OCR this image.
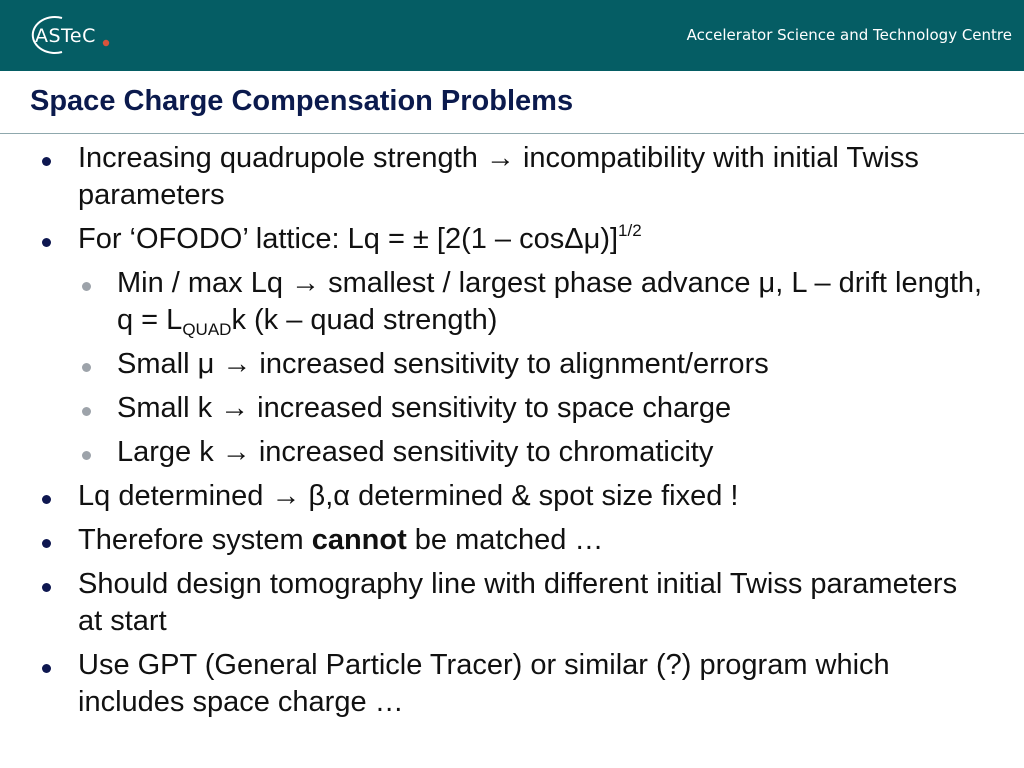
ASTeC	Accelerator Science and Technology Centre
Space Charge Compensation Problems
Increasing quadrupole strength → incompatibility with initial Twiss parameters
For ‘OFODO’ lattice: Lq = ± [2(1 – cosΔμ)]$^{1/2}$
Min / max Lq → smallest / largest phase advance μ, L – drift length, $q = L_{QUAD}k$ (k – quad strength)
Small μ → increased sensitivity to alignment/errors
Small k → increased sensitivity to space charge
Large k → increased sensitivity to chromaticity
Lq determined → β,α determined & spot size fixed !
Therefore system cannot be matched …
Should design tomography line with different initial Twiss parameters at start
Use GPT (General Particle Tracer) or similar (?) program which includes space charge …
